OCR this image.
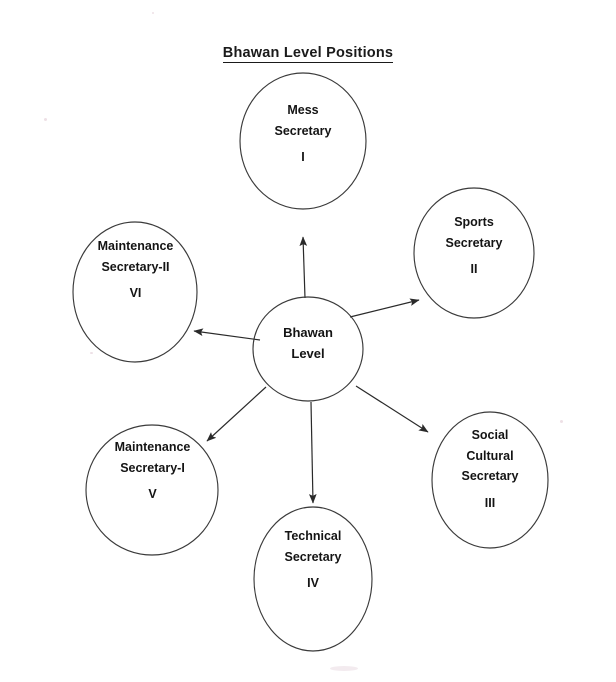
Bhawan Level Positions
Mess
Secretary
I
Sports
Secretary
II
Social
Cultural
Secretary
III
Technical
Secretary
IV
Maintenance
Secretary-I
V
Maintenance
Secretary-II
VI
Bhawan
Level
